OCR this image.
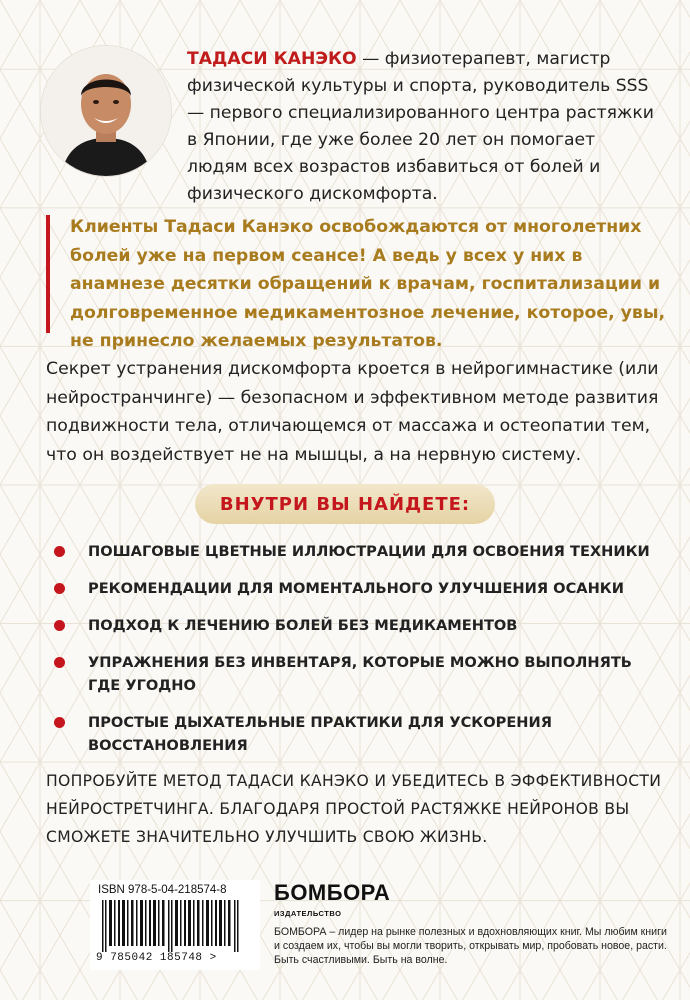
ТАДАСИ КАНЭКО — физиотерапевт, магистр физической культуры и спорта, руководитель SSS — первого специализированного центра растяжки в Японии, где уже более 20 лет он помогает людям всех возрастов избавиться от болей и физического дискомфорта.
Клиенты Тадаси Канэко освобождаются от многолетних болей уже на первом сеансе! А ведь у всех у них в анамнезе десятки обращений к врачам, госпитализации и долговременное медикаментозное лечение, которое, увы, не принесло желаемых результатов.
Секрет устранения дискомфорта кроется в нейрогимнастике (или нейространчинге) — безопасном и эффективном методе развития подвижности тела, отличающемся от массажа и остеопатии тем, что он воздействует не на мышцы, а на нервную систему.
ВНУТРИ ВЫ НАЙДЕТЕ:
ПОШАГОВЫЕ ЦВЕТНЫЕ ИЛЛЮСТРАЦИИ ДЛЯ ОСВОЕНИЯ ТЕХНИКИ
РЕКОМЕНДАЦИИ ДЛЯ МОМЕНТАЛЬНОГО УЛУЧШЕНИЯ ОСАНКИ
ПОДХОД К ЛЕЧЕНИЮ БОЛЕЙ БЕЗ МЕДИКАМЕНТОВ
УПРАЖНЕНИЯ БЕЗ ИНВЕНТАРЯ, КОТОРЫЕ МОЖНО ВЫПОЛНЯТЬ ГДЕ УГОДНО
ПРОСТЫЕ ДЫХАТЕЛЬНЫЕ ПРАКТИКИ ДЛЯ УСКОРЕНИЯ ВОССТАНОВЛЕНИЯ
ПОПРОБУЙТЕ МЕТОД ТАДАСИ КАНЭКО И УБЕДИТЕСЬ В ЭФФЕКТИВНОСТИ НЕЙРОСТРЕТЧИНГА. БЛАГОДАРЯ ПРОСТОЙ РАСТЯЖКЕ НЕЙРОНОВ ВЫ СМОЖЕТЕ ЗНАЧИТЕЛЬНО УЛУЧШИТЬ СВОЮ ЖИЗНЬ.
ISBN 978-5-04-218574-8
9 785042 185748 >
БОМБОРА
ИЗДАТЕЛЬСТВО
БОМБОРА – лидер на рынке полезных и вдохновляющих книг. Мы любим книги и создаем их, чтобы вы могли творить, открывать мир, пробовать новое, расти. Быть счастливыми. Быть на волне.
